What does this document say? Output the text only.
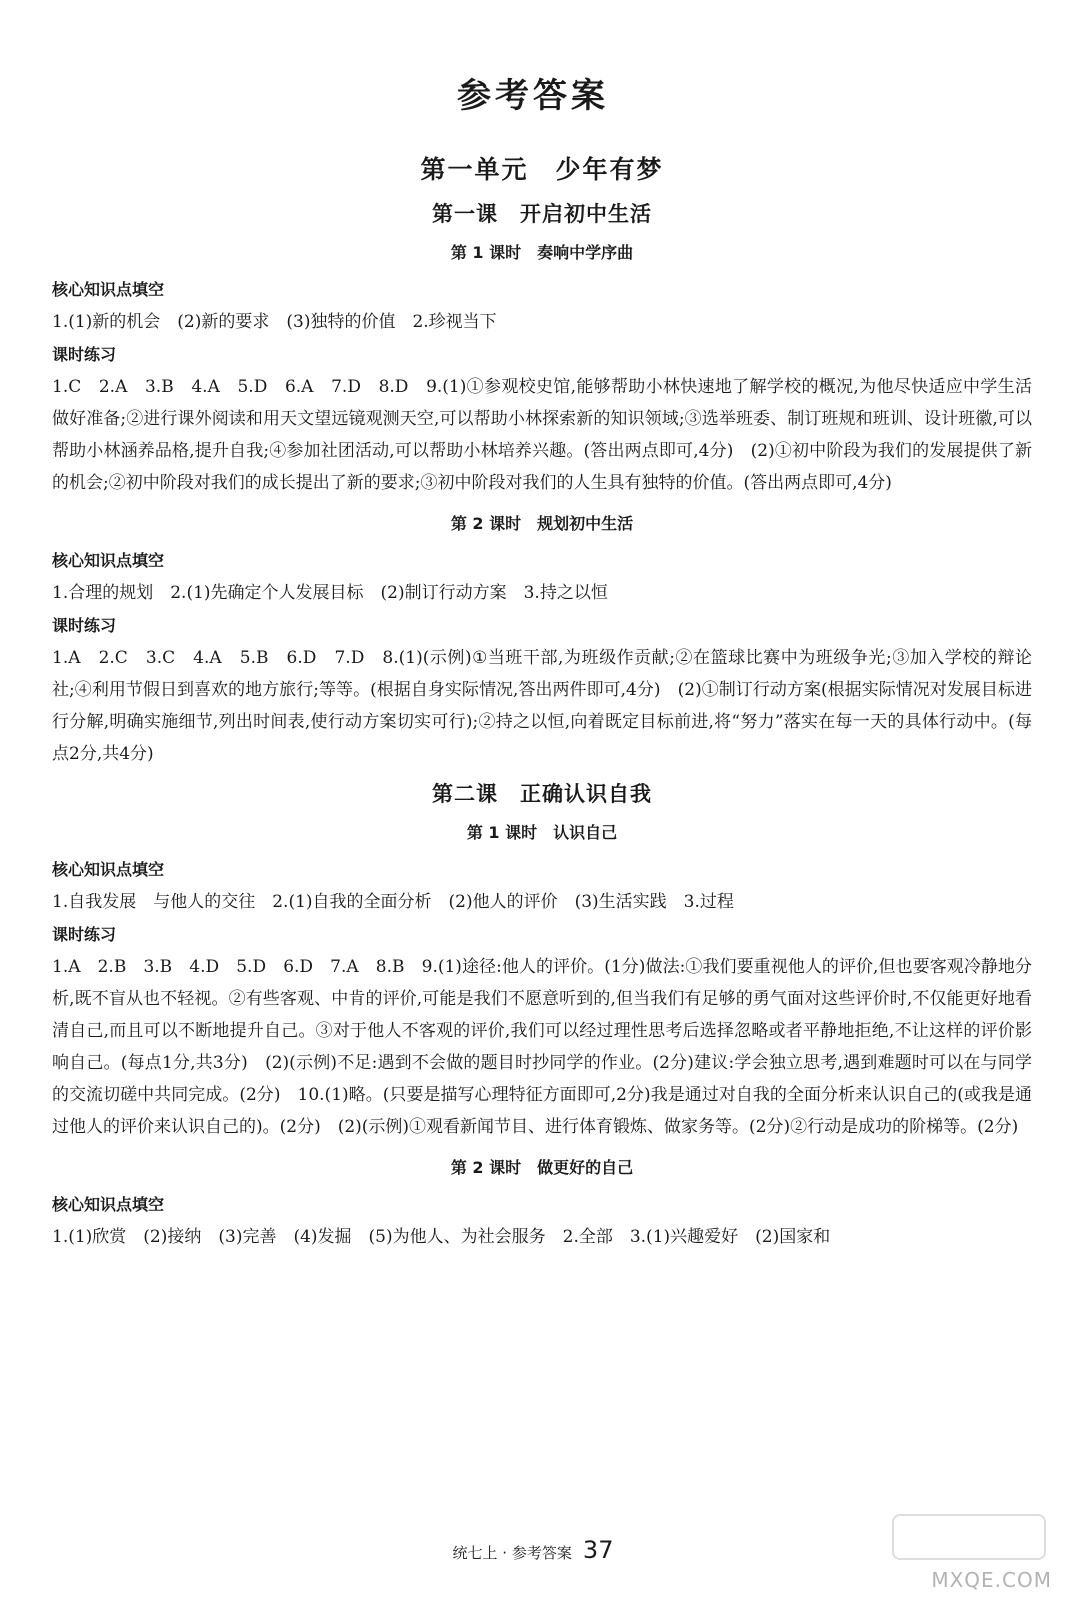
参考答案
第一单元　少年有梦
第一课　开启初中生活
第 1 课时　奏响中学序曲
核心知识点填空
1.(1)新的机会　(2)新的要求　(3)独特的价值　2.珍视当下
课时练习
1.C　2.A　3.B　4.A　5.D　6.A　7.D　8.D　9.(1)①参观校史馆,能够帮助小林快速地了解学校的概况,为他尽快适应中学生活做好准备;②进行课外阅读和用天文望远镜观测天空,可以帮助小林探索新的知识领域;③选举班委、制订班规和班训、设计班徽,可以帮助小林涵养品格,提升自我;④参加社团活动,可以帮助小林培养兴趣。(答出两点即可,4分)　(2)①初中阶段为我们的发展提供了新的机会;②初中阶段对我们的成长提出了新的要求;③初中阶段对我们的人生具有独特的价值。(答出两点即可,4分)
第 2 课时　规划初中生活
核心知识点填空
1.合理的规划　2.(1)先确定个人发展目标　(2)制订行动方案　3.持之以恒
课时练习
1.A　2.C　3.C　4.A　5.B　6.D　7.D　8.(1)(示例)①当班干部,为班级作贡献;②在篮球比赛中为班级争光;③加入学校的辩论社;④利用节假日到喜欢的地方旅行;等等。(根据自身实际情况,答出两件即可,4分)　(2)①制订行动方案(根据实际情况对发展目标进行分解,明确实施细节,列出时间表,使行动方案切实可行);②持之以恒,向着既定目标前进,将“努力”落实在每一天的具体行动中。(每点2分,共4分)
第二课　正确认识自我
第 1 课时　认识自己
核心知识点填空
1.自我发展　与他人的交往　2.(1)自我的全面分析　(2)他人的评价　(3)生活实践　3.过程
课时练习
1.A　2.B　3.B　4.D　5.D　6.D　7.A　8.B　9.(1)途径:他人的评价。(1分)做法:①我们要重视他人的评价,但也要客观冷静地分析,既不盲从也不轻视。②有些客观、中肯的评价,可能是我们不愿意听到的,但当我们有足够的勇气面对这些评价时,不仅能更好地看清自己,而且可以不断地提升自己。③对于他人不客观的评价,我们可以经过理性思考后选择忽略或者平静地拒绝,不让这样的评价影响自己。(每点1分,共3分)　(2)(示例)不足:遇到不会做的题目时抄同学的作业。(2分)建议:学会独立思考,遇到难题时可以在与同学的交流切磋中共同完成。(2分)　10.(1)略。(只要是描写心理特征方面即可,2分)我是通过对自我的全面分析来认识自己的(或我是通过他人的评价来认识自己的)。(2分)　(2)(示例)①观看新闻节目、进行体育锻炼、做家务等。(2分)②行动是成功的阶梯等。(2分)
第 2 课时　做更好的自己
核心知识点填空
1.(1)欣赏　(2)接纳　(3)完善　(4)发掘　(5)为他人、为社会服务　2.全部　3.(1)兴趣爱好　(2)国家和
统七上 · 参考答案 37
MXQE.COM
